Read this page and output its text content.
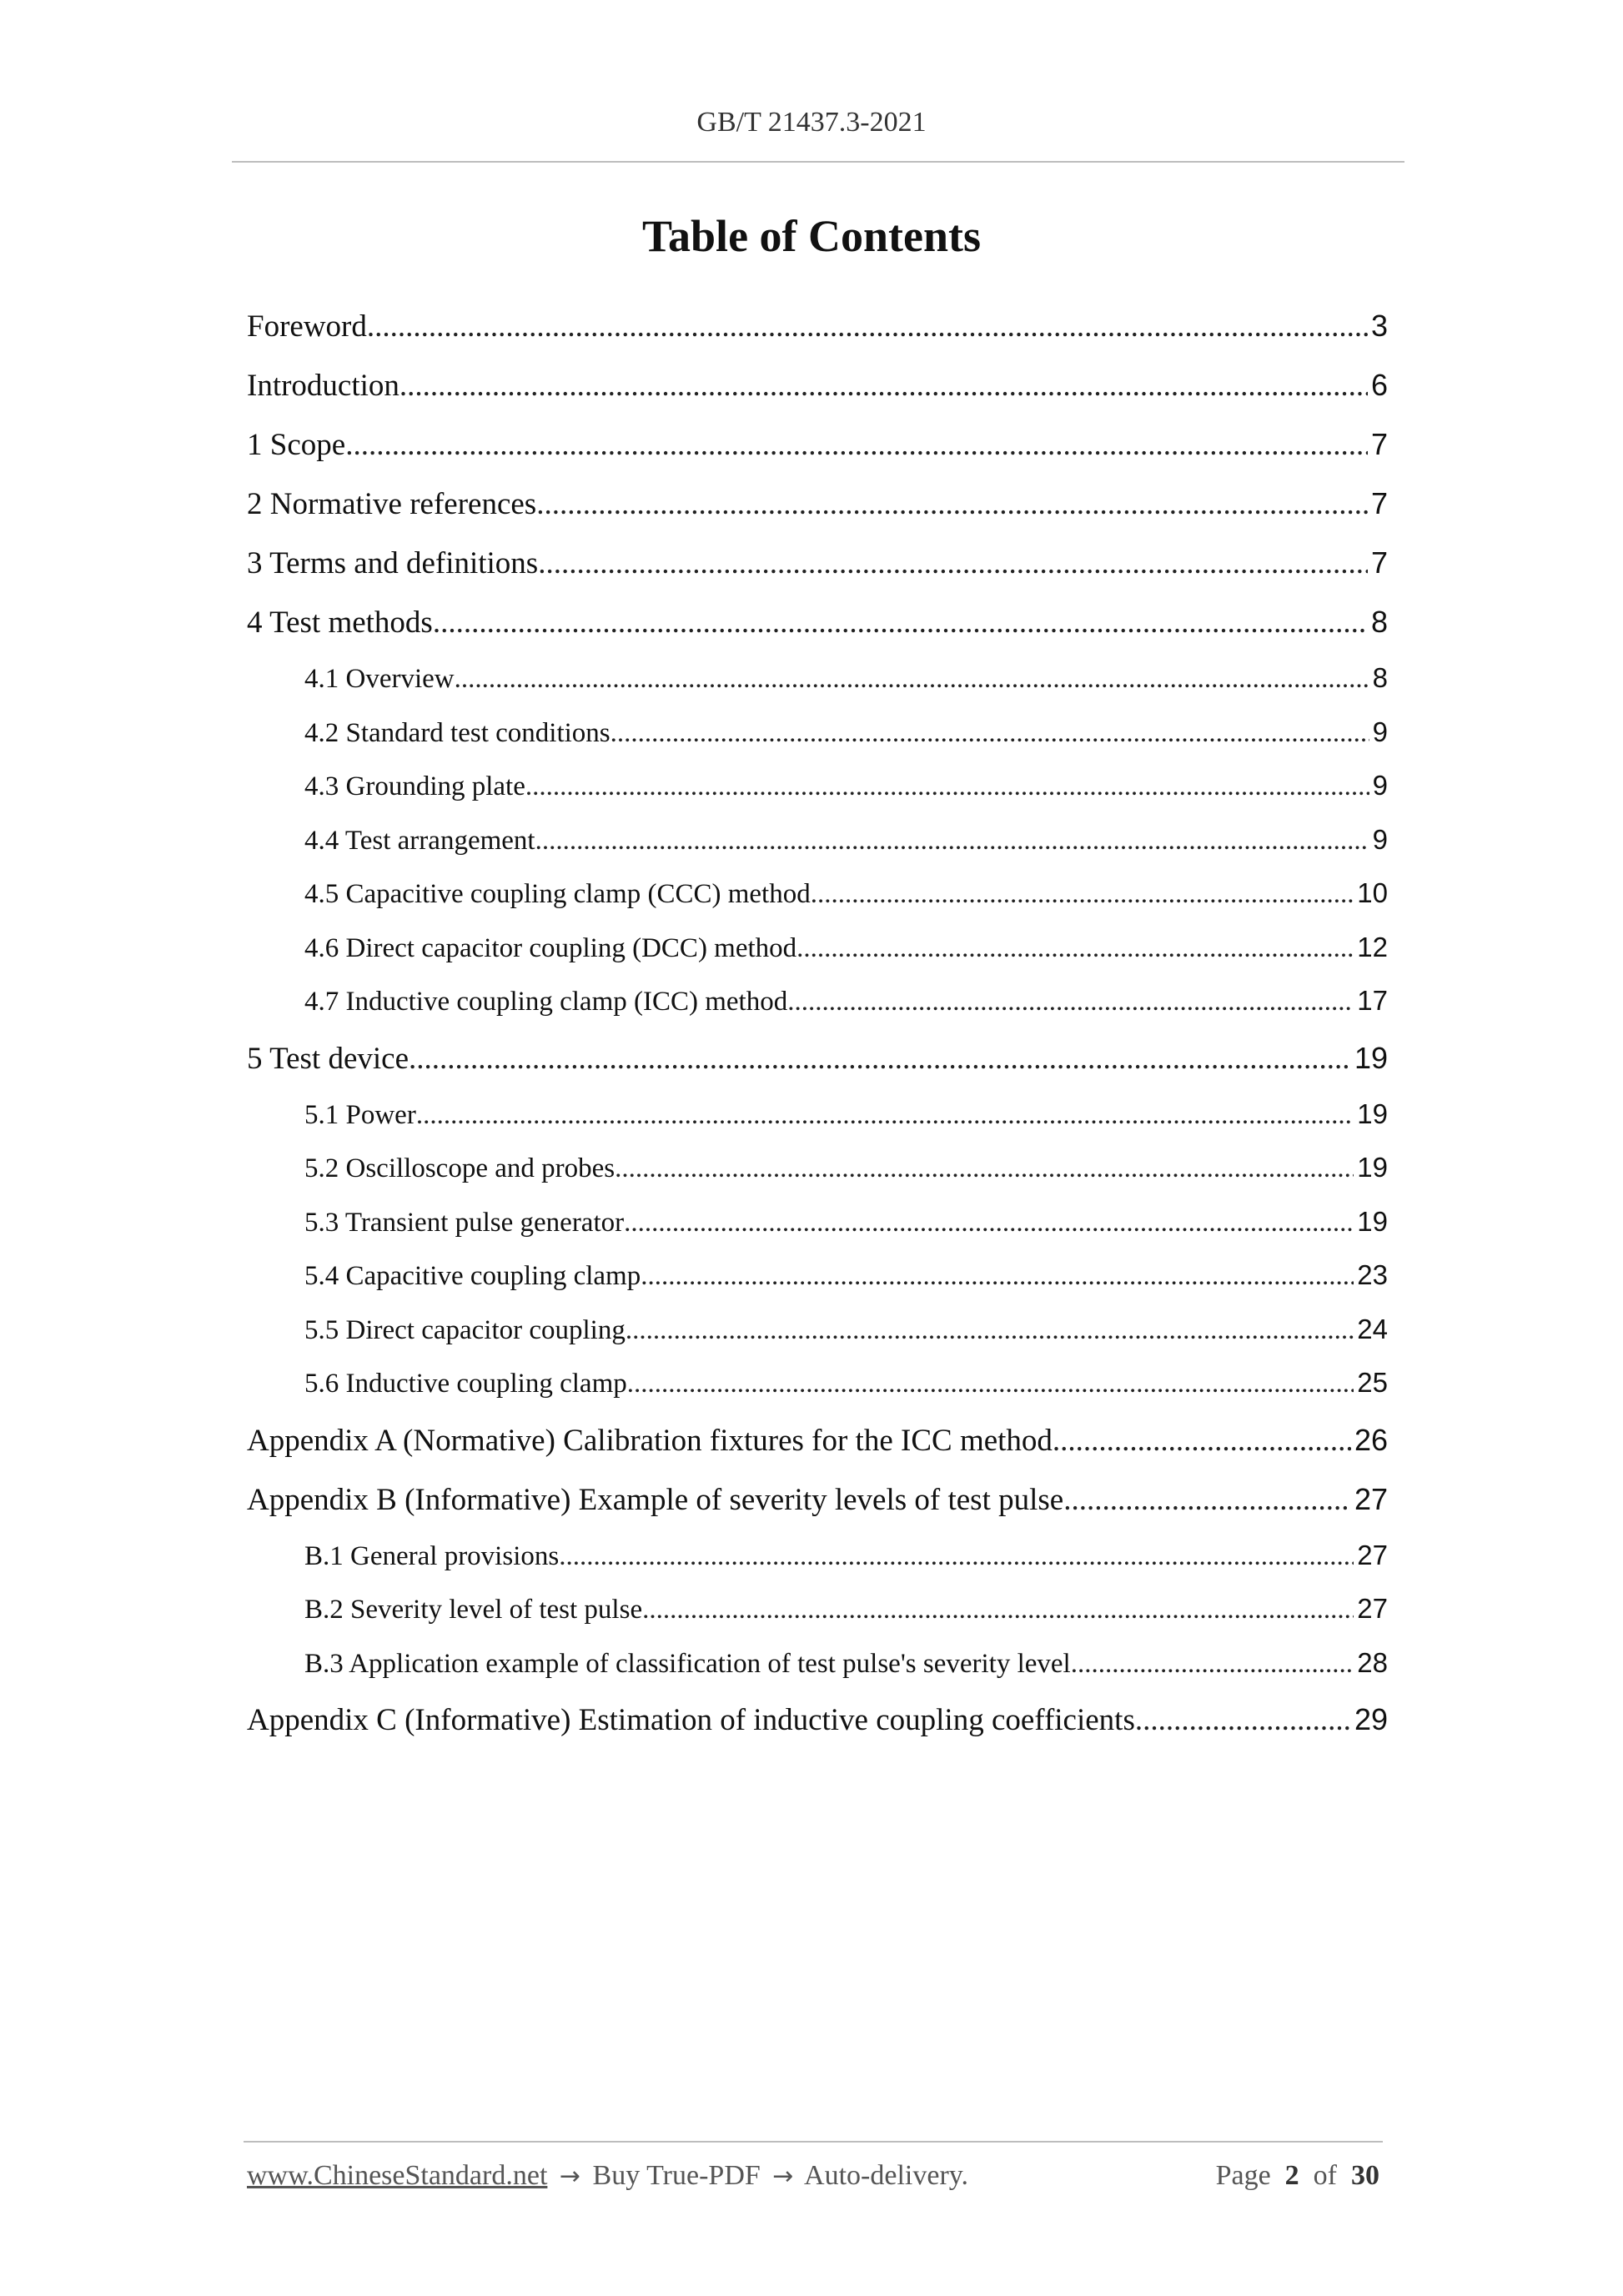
GB/T 21437.3-2021
Table of Contents
Foreword .....	3
Introduction .....	6
1 Scope .....	7
2 Normative references .....	7
3 Terms and definitions .....	7
4 Test methods .....	8
4.1 Overview .....	8
4.2 Standard test conditions .....	9
4.3 Grounding plate .....	9
4.4 Test arrangement .....	9
4.5 Capacitive coupling clamp (CCC) method .....	10
4.6 Direct capacitor coupling (DCC) method .....	12
4.7 Inductive coupling clamp (ICC) method .....	17
5 Test device .....	19
5.1 Power .....	19
5.2 Oscilloscope and probes .....	19
5.3 Transient pulse generator .....	19
5.4 Capacitive coupling clamp .....	23
5.5 Direct capacitor coupling .....	24
5.6 Inductive coupling clamp .....	25
Appendix A (Normative) Calibration fixtures for the ICC method .....	26
Appendix B (Informative) Example of severity levels of test pulse .....	27
B.1 General provisions .....	27
B.2 Severity level of test pulse .....	27
B.3 Application example of classification of test pulse's severity level .....	28
Appendix C (Informative) Estimation of inductive coupling coefficients .....	29
www.ChineseStandard.net → Buy True-PDF → Auto-delivery.	Page 2 of 30
